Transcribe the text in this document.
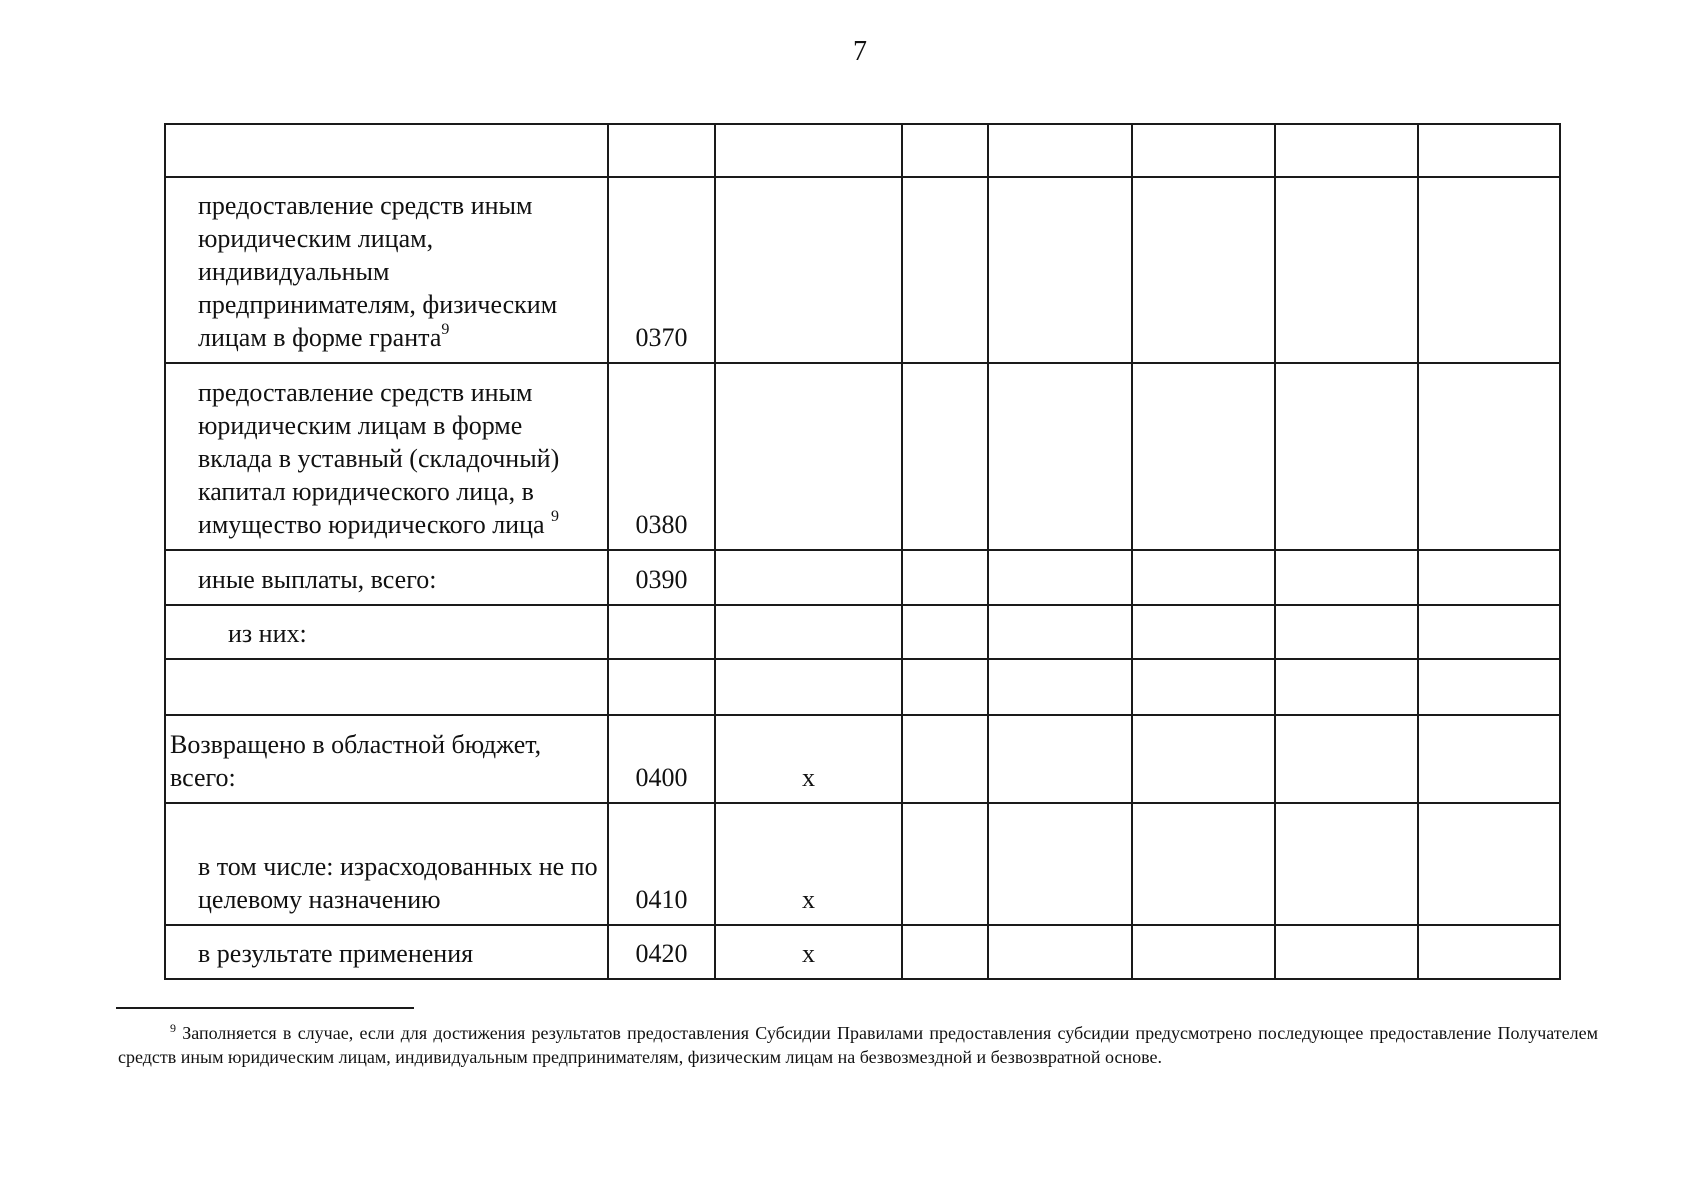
7

предоставление средств иным юридическим лицам, индивидуальным предпринимателям, физическим лицам в форме гранта$^9$	0370						
предоставление средств иным юридическим лицам в форме вклада в уставный (складочный) капитал юридического лица, в имущество юридического лица $^9$	0380						
иные выплаты, всего:	0390						
из них:							

Возвращено в областной бюджет, всего:	0400	x					
в том числе: израсходованных не по целевому назначению	0410	x					
в результате применения	0420	x					
$^9$ Заполняется в случае, если для достижения результатов предоставления Субсидии Правилами предоставления субсидии предусмотрено последующее предоставление Получателем средств иным юридическим лицам, индивидуальным предпринимателям, физическим лицам на безвозмездной и безвозвратной основе.
